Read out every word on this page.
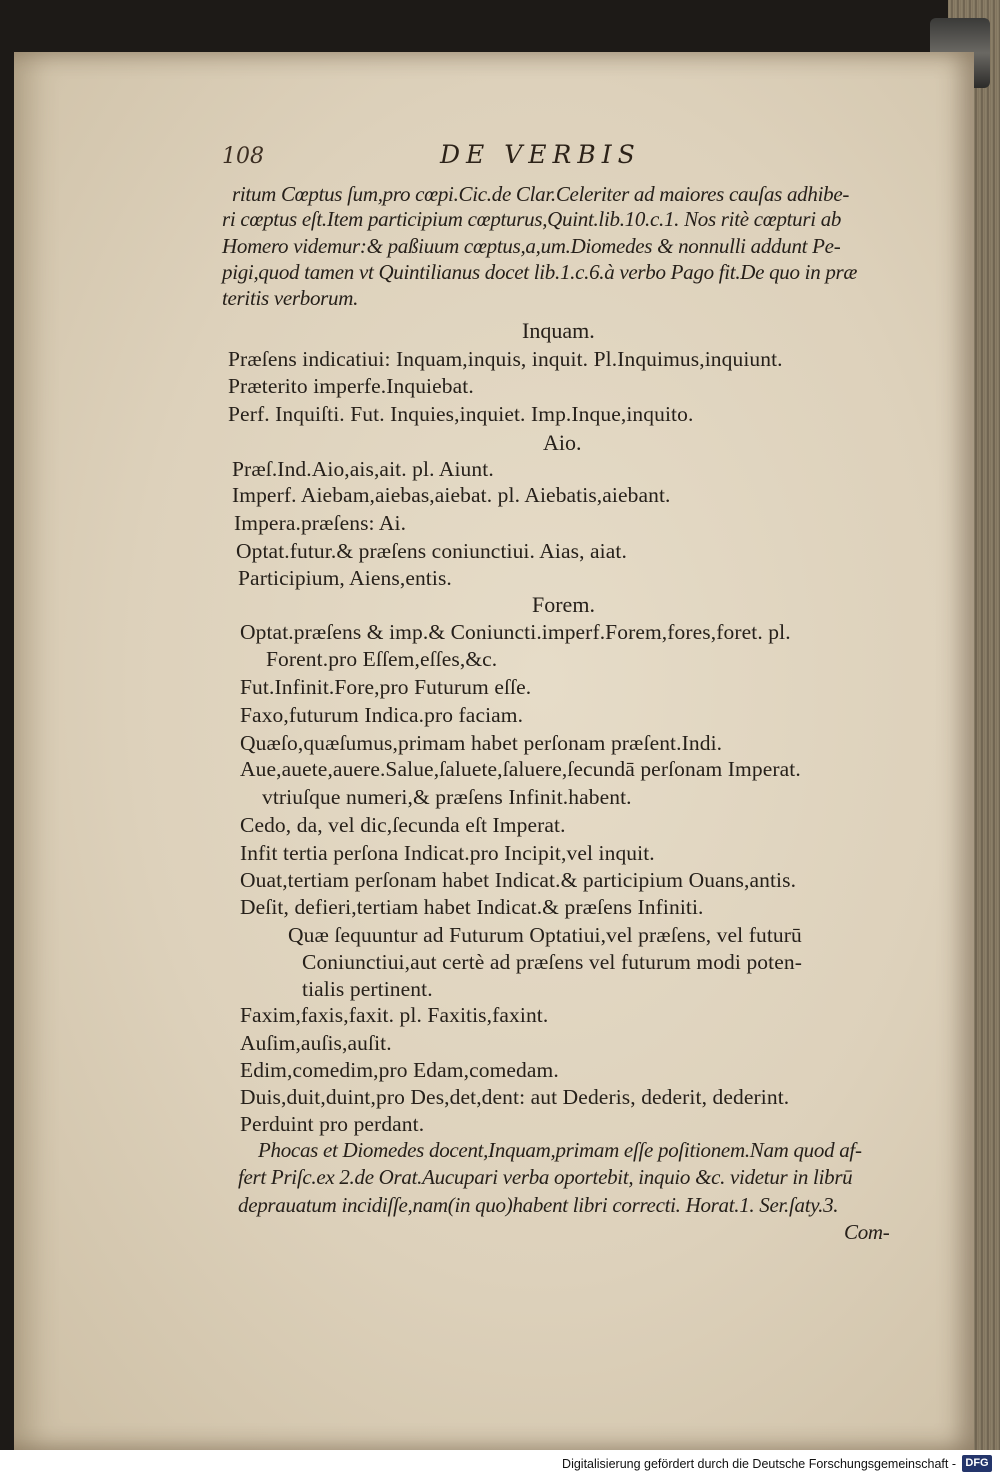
108	DE VERBIS
ritum Cœptus ſum,pro cœpi.Cic.de Clar.Celeriter ad maiores cauſas adhibe-
ri cœptus eſt.Item participium cœpturus,Quint.lib.10.c.1. Nos ritè cœpturi ab
Homero videmur:& paßiuum cœptus,a,um.Diomedes & nonnulli addunt Pe-
pigi,quod tamen vt Quintilianus docet lib.1.c.6.à verbo Pago fit.De quo in præ
teritis verborum.
Inquam.
Præſens indicatiui: Inquam,inquis, inquit. Pl.Inquimus,inquiunt.
Præterito imperfe.Inquiebat.
Perf. Inquiſti. Fut. Inquies,inquiet. Imp.Inque,inquito.
Aio.
Præſ.Ind.Aio,ais,ait. pl. Aiunt.
Imperf. Aiebam,aiebas,aiebat. pl. Aiebatis,aiebant.
Impera.præſens: Ai.
Optat.futur.& præſens coniunctiui. Aias, aiat.
Participium, Aiens,entis.
Forem.
Optat.præſens & imp.& Coniuncti.imperf.Forem,fores,foret. pl.
Forent.pro Eſſem,eſſes,&c.
Fut.Infinit.Fore,pro Futurum eſſe.
Faxo,futurum Indica.pro faciam.
Quæſo,quæſumus,primam habet perſonam præſent.Indi.
Aue,auete,auere.Salue,ſaluete,ſaluere,ſecundā perſonam Imperat.
vtriuſque numeri,& præſens Infinit.habent.
Cedo, da, vel dic,ſecunda eſt Imperat.
Infit tertia perſona Indicat.pro Incipit,vel inquit.
Ouat,tertiam perſonam habet Indicat.& participium Ouans,antis.
Deſit, defieri,tertiam habet Indicat.& præſens Infiniti.
Quæ ſequuntur ad Futurum Optatiui,vel præſens, vel futurū
Coniunctiui,aut certè ad præſens vel futurum modi poten-
tialis pertinent.
Faxim,faxis,faxit. pl. Faxitis,faxint.
Auſim,auſis,auſit.
Edim,comedim,pro Edam,comedam.
Duis,duit,duint,pro Des,det,dent: aut Dederis, dederit, dederint.
Perduint pro perdant.
Phocas et Diomedes docent,Inquam,primam eſſe poſitionem.Nam quod af-
fert Priſc.ex 2.de Orat.Aucupari verba oportebit, inquio &c. videtur in librū
deprauatum incidiſſe,nam(in quo)habent libri correcti. Horat.1. Ser.ſaty.3.
Com-
Digitalisierung gefördert durch die Deutsche Forschungsgemeinschaft - DFG
